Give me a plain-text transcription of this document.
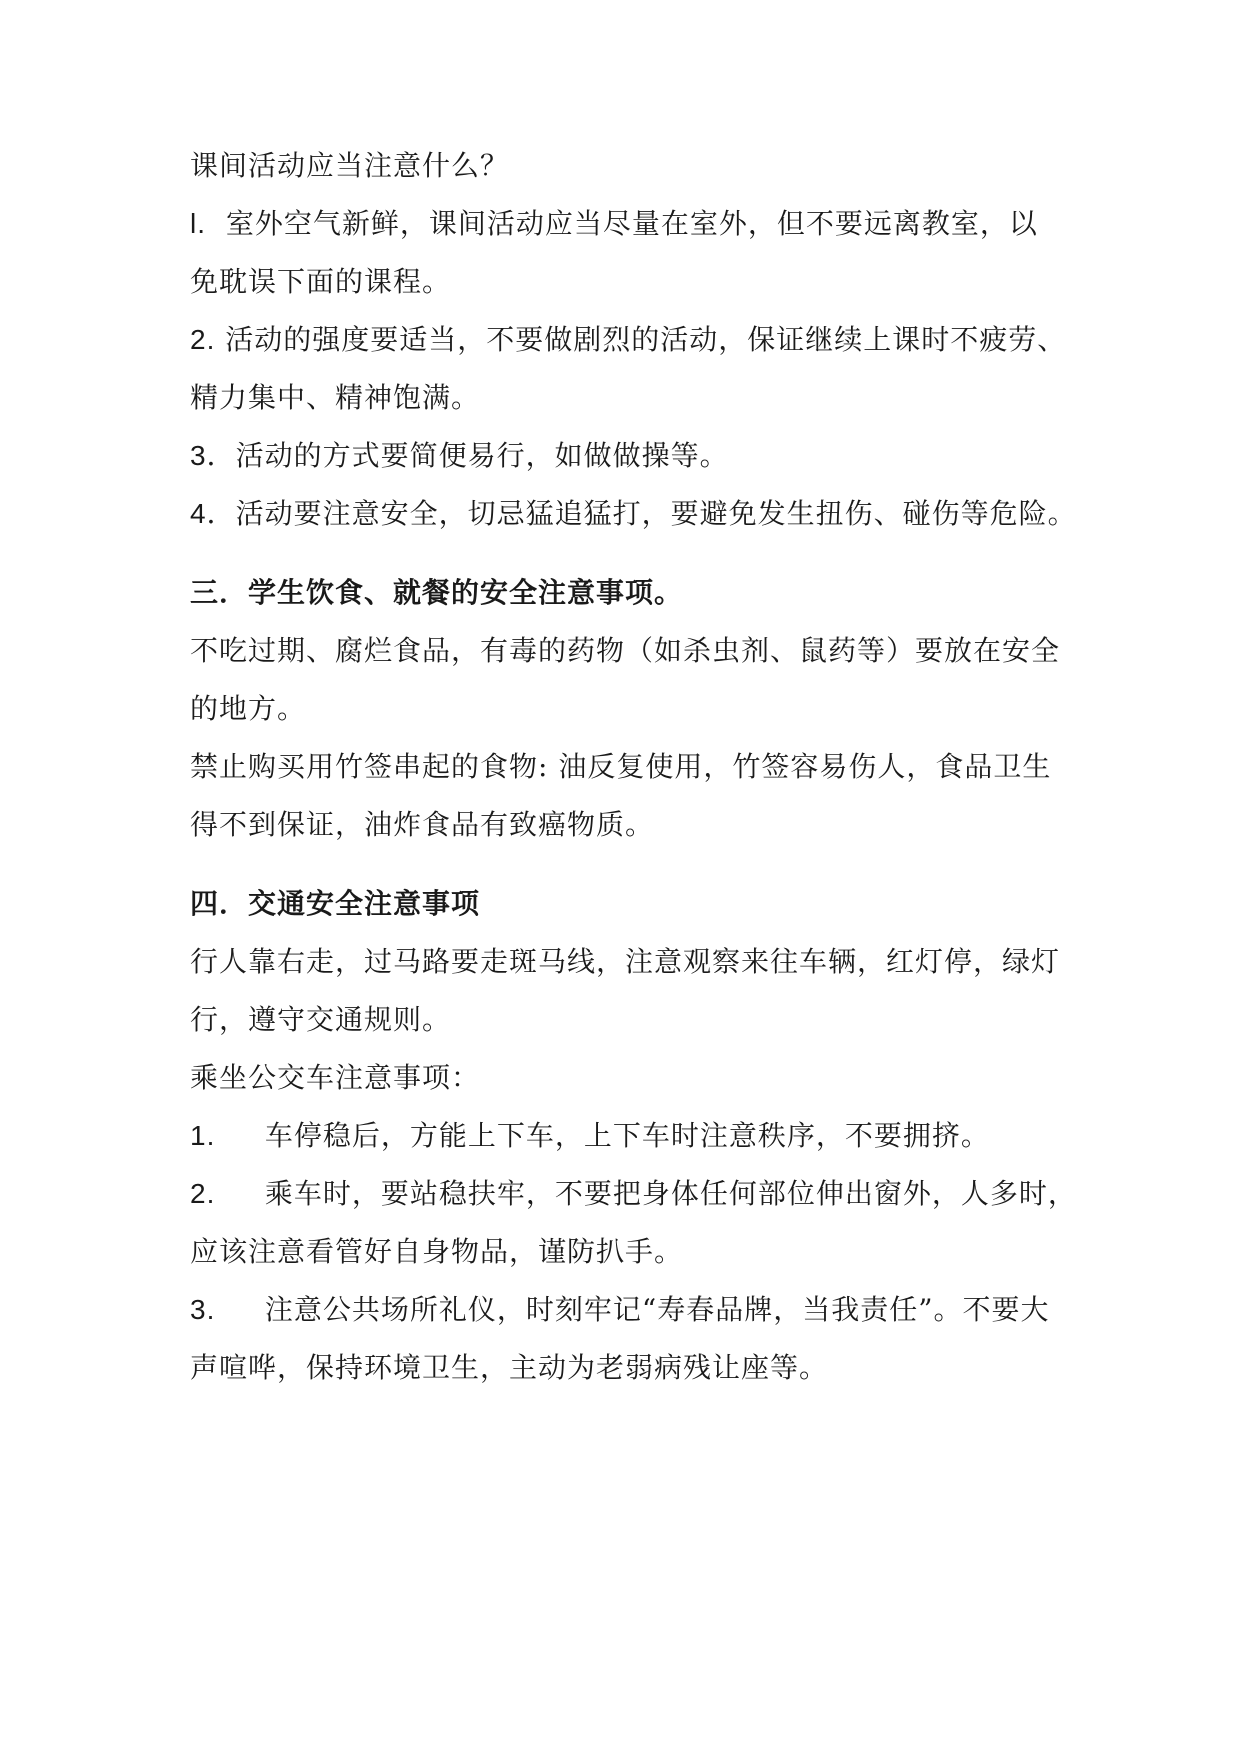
课间活动应当注意什么？
l. 室外空气新鲜，课间活动应当尽量在室外，但不要远离教室，以
免耽误下面的课程。
2. 活动的强度要适当，不要做剧烈的活动，保证继续上课时不疲劳、
精力集中、精神饱满。
3．活动的方式要简便易行，如做做操等。
4．活动要注意安全，切忌猛追猛打，要避免发生扭伤、碰伤等危险。
三．学生饮食、就餐的安全注意事项。
不吃过期、腐烂食品，有毒的药物（如杀虫剂、鼠药等）要放在安全
的地方。
禁止购买用竹签串起的食物: 油反复使用，竹签容易伤人，食品卫生
得不到保证，油炸食品有致癌物质。
四．交通安全注意事项
行人靠右走，过马路要走斑马线，注意观察来往车辆，红灯停，绿灯
行，遵守交通规则。
乘坐公交车注意事项：
1. 车停稳后，方能上下车，上下车时注意秩序，不要拥挤。
2. 乘车时，要站稳扶牢，不要把身体任何部位伸出窗外，人多时，
应该注意看管好自身物品，谨防扒手。
3. 注意公共场所礼仪，时刻牢记“寿春品牌，当我责任”。不要大
声喧哗，保持环境卫生，主动为老弱病残让座等。
